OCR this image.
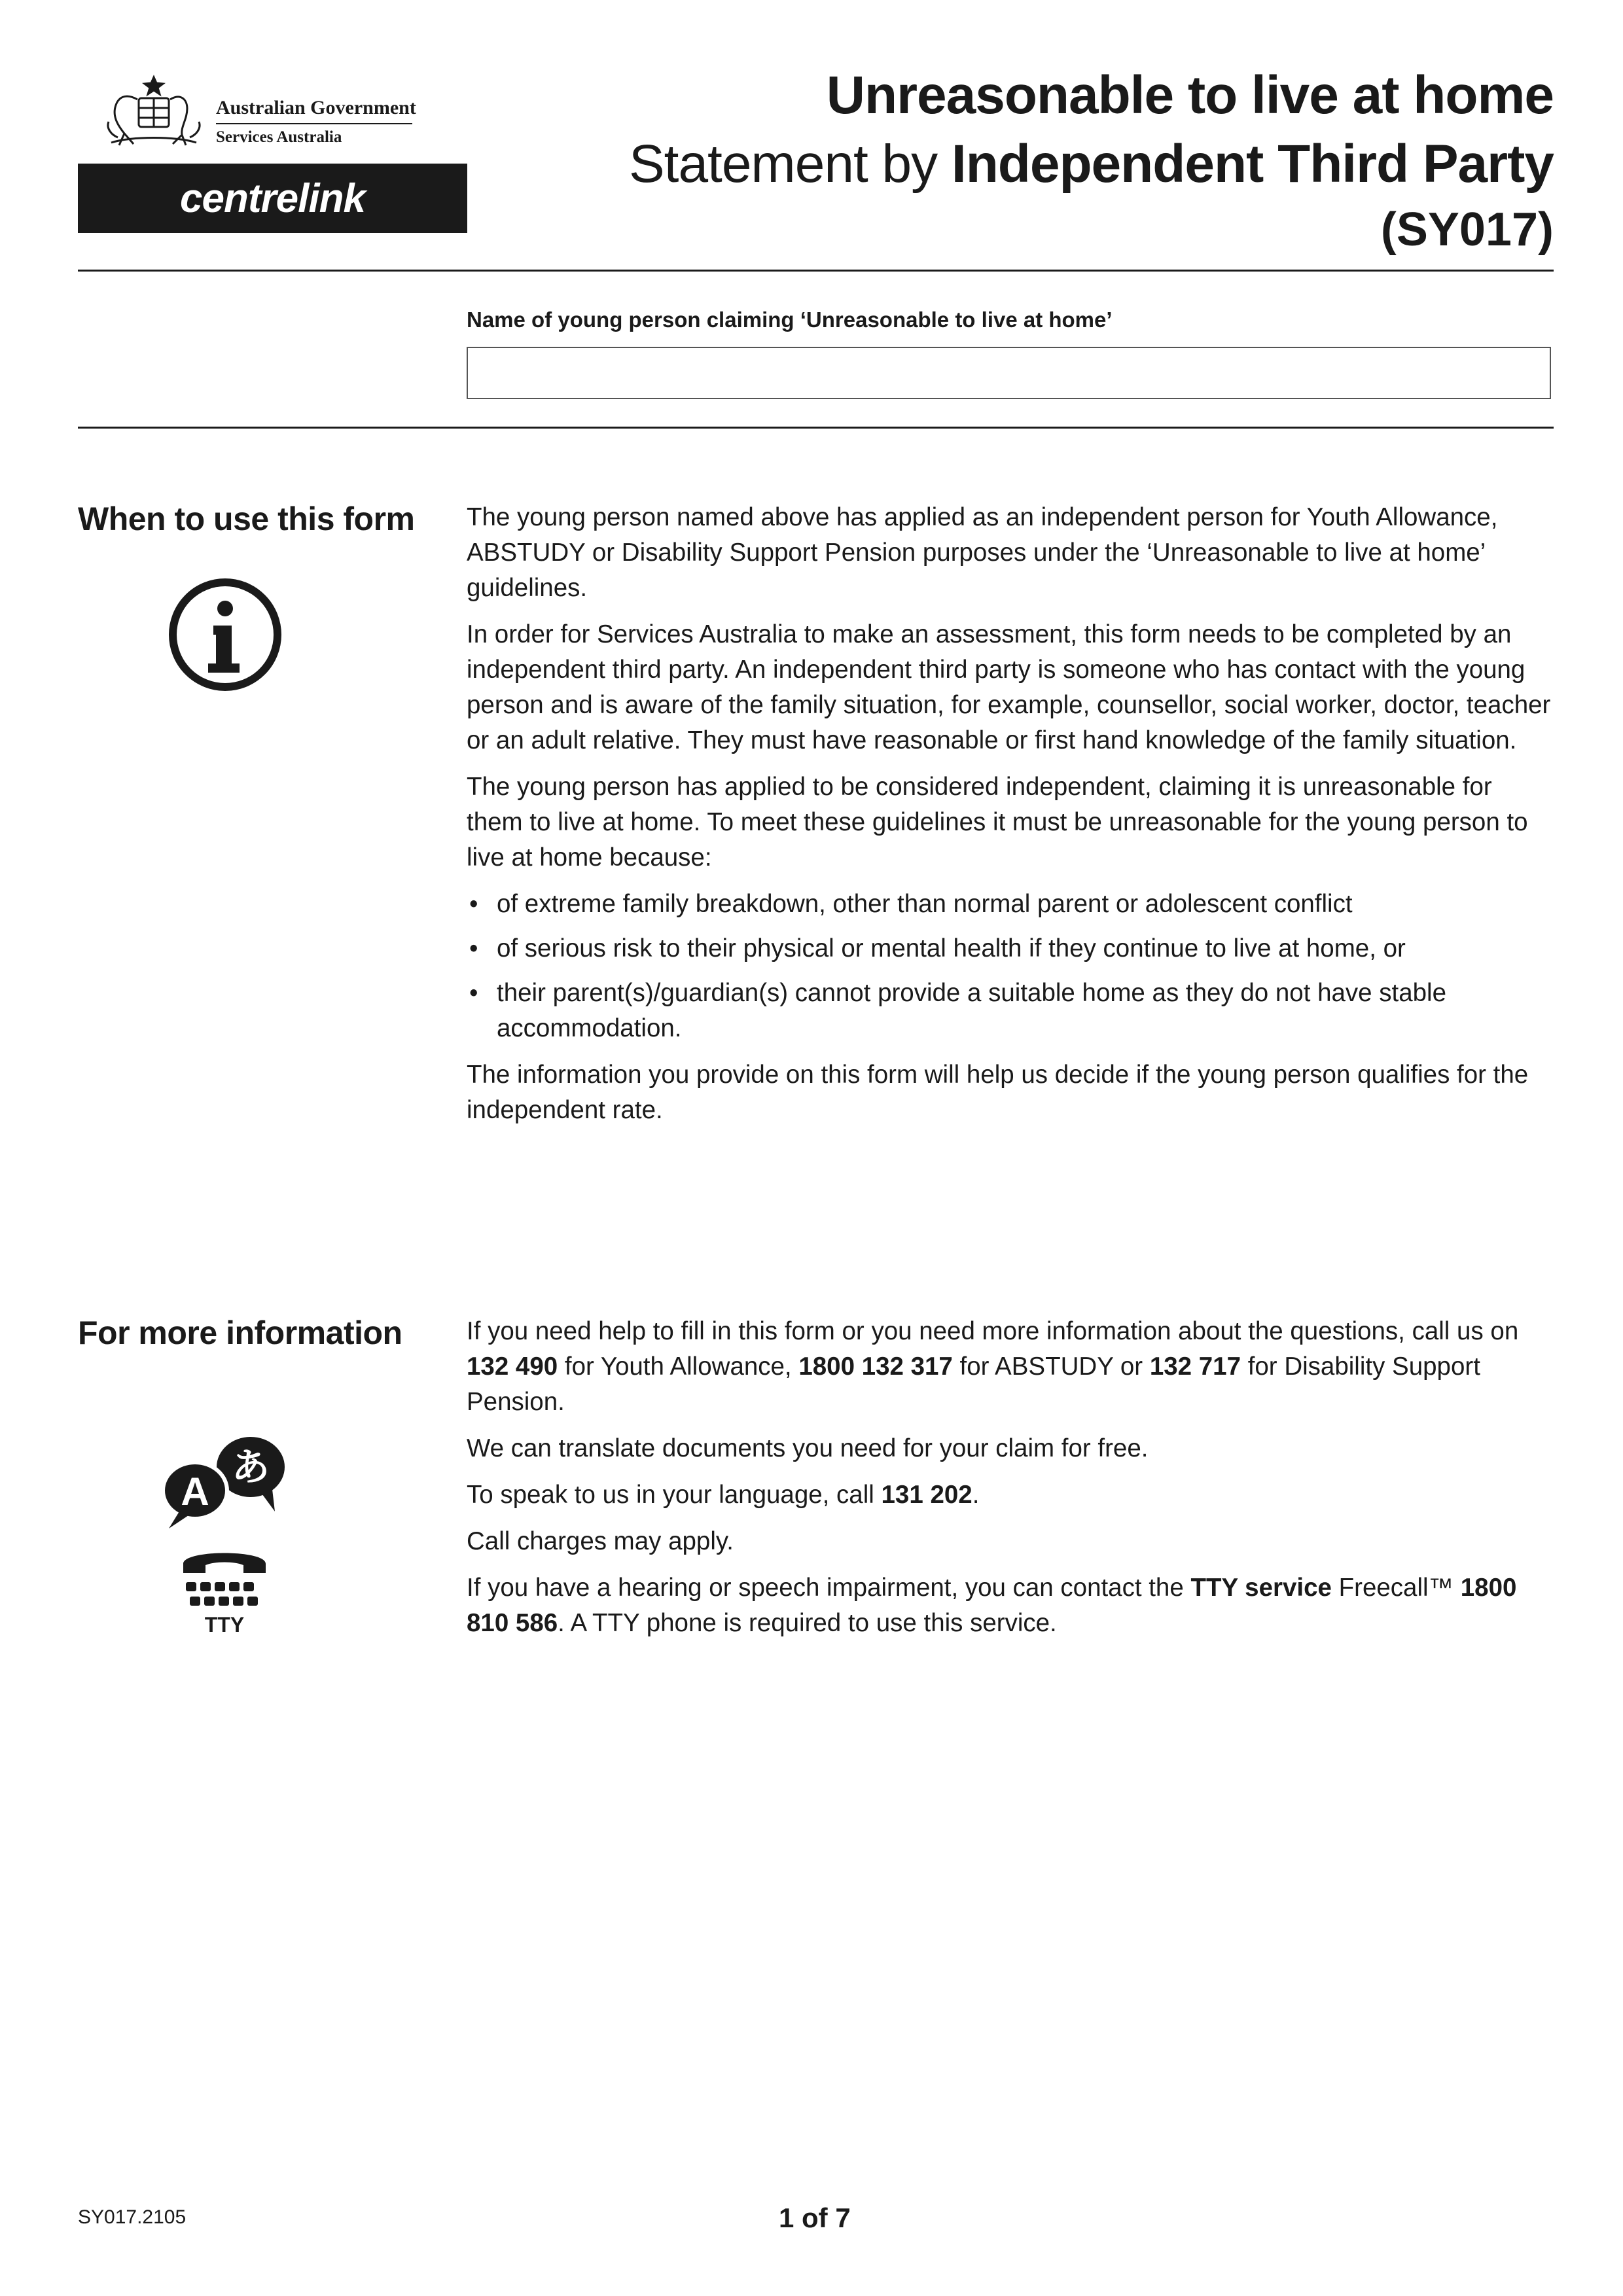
Australian Government
Services Australia
centrelink
Unreasonable to live at home
Statement by Independent Third Party
(SY017)
Name of young person claiming ‘Unreasonable to live at home’
When to use this form The young person named above has applied as an independent person for Youth Allowance, ABSTUDY or Disability Support Pension purposes under the ‘Unreasonable to live at home’ guidelines.

In order for Services Australia to make an assessment, this form needs to be completed by an independent third party. An independent third party is someone who has contact with the young person and is aware of the family situation, for example, counsellor, social worker, doctor, teacher or an adult relative. They must have reasonable or first hand knowledge of the family situation.

The young person has applied to be considered independent, claiming it is unreasonable for them to live at home. To meet these guidelines it must be unreasonable for the young person to live at home because:

• of extreme family breakdown, other than normal parent or adolescent conflict
• of serious risk to their physical or mental health if they continue to live at home, or
• their parent(s)/guardian(s) cannot provide a suitable home as they do not have stable accommodation.

The information you provide on this form will help us decide if the young person qualifies for the independent rate.

For more information
あ
A
TTY

If you need help to fill in this form or you need more information about the questions, call us on 132 490 for Youth Allowance, 1800 132 317 for ABSTUDY or 132 717 for Disability Support Pension.

We can translate documents you need for your claim for free.

To speak to us in your language, call 131 202.

Call charges may apply.

If you have a hearing or speech impairment, you can contact the TTY service Freecall™ 1800 810 586. A TTY phone is required to use this service.

SY017.2105	1 of 7
